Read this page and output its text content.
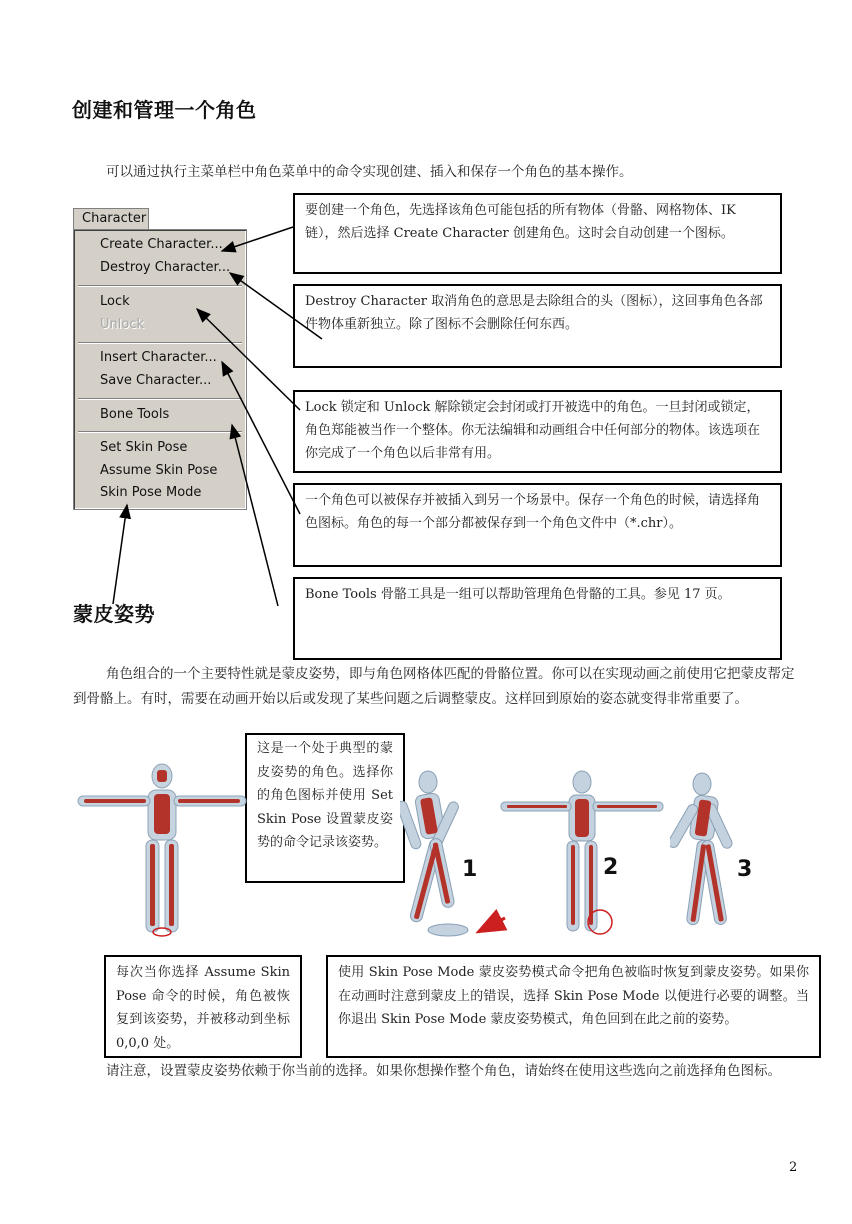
创建和管理一个角色
可以通过执行主菜单栏中角色菜单中的命令实现创建、插入和保存一个角色的基本操作。
Character
Create Character...
Destroy Character...
Lock
Unlock
Insert Character...
Save Character...
Bone Tools
Set Skin Pose
Assume Skin Pose
Skin Pose Mode
要创建一个角色，先选择该角色可能包括的所有物体（骨骼、网格物体、IK 链），然后选择 Create Character 创建角色。这时会自动创建一个图标。
Destroy Character 取消角色的意思是去除组合的头（图标），这回事角色各部件物体重新独立。除了图标不会删除任何东西。
Lock 锁定和 Unlock 解除锁定会封闭或打开被选中的角色。一旦封闭或锁定，角色郑能被当作一个整体。你无法编辑和动画组合中任何部分的物体。该选项在你完成了一个角色以后非常有用。
一个角色可以被保存并被插入到另一个场景中。保存一个角色的时候，请选择角色图标。角色的每一个部分都被保存到一个角色文件中（*.chr）。
Bone Tools 骨骼工具是一组可以帮助管理角色骨骼的工具。参见 17 页。
蒙皮姿势
角色组合的一个主要特性就是蒙皮姿势，即与角色网格体匹配的骨骼位置。你可以在实现动画之前使用它把蒙皮帮定到骨骼上。有时，需要在动画开始以后或发现了某些问题之后调整蒙皮。这样回到原始的姿态就变得非常重要了。
这是一个处于典型的蒙皮姿势的角色。选择你的角色图标并使用 Set Skin Pose 设置蒙皮姿势的命令记录该姿势。
1	2	3
每次当你选择 Assume Skin Pose 命令的时候，角色被恢复到该姿势，并被移动到坐标 0,0,0 处。
使用 Skin Pose Mode 蒙皮姿势模式命令把角色被临时恢复到蒙皮姿势。如果你在动画时注意到蒙皮上的错误，选择 Skin Pose Mode 以便进行必要的调整。当你退出 Skin Pose Mode 蒙皮姿势模式，角色回到在此之前的姿势。
请注意，设置蒙皮姿势依赖于你当前的选择。如果你想操作整个角色，请始终在使用这些选向之前选择角色图标。
2
